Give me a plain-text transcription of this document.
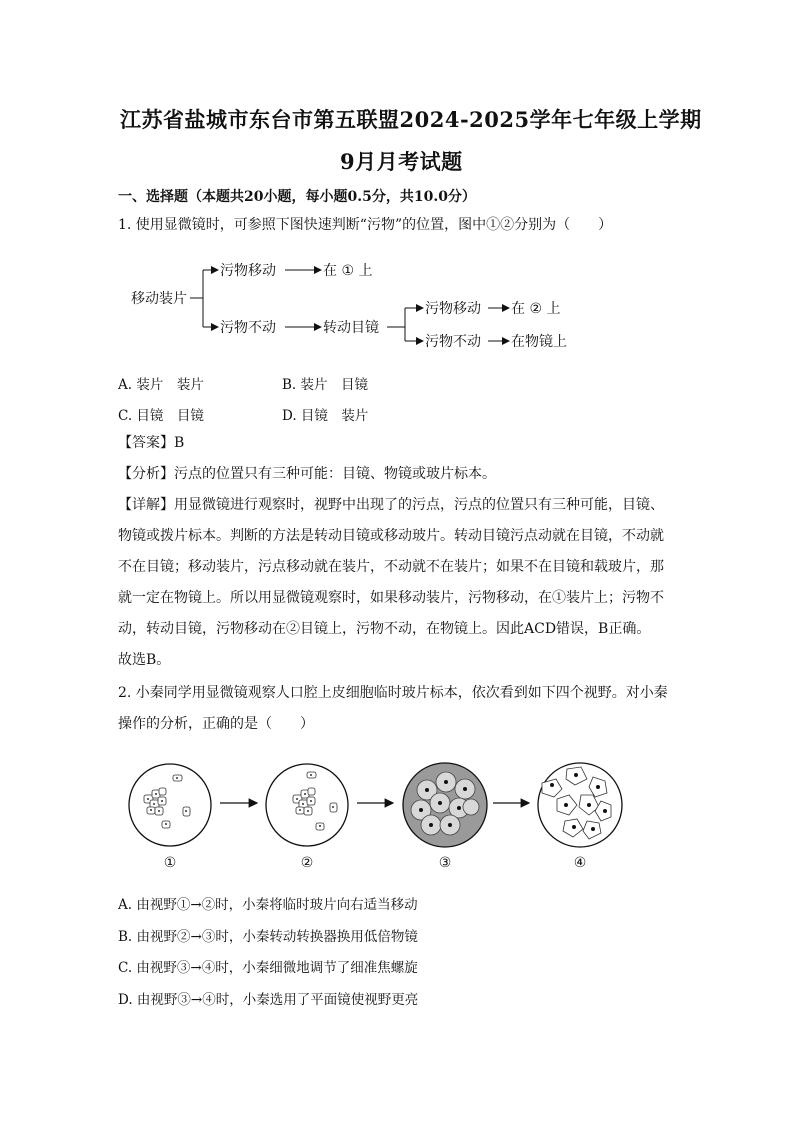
江苏省盐城市东台市第五联盟2024-2025学年七年级上学期
9月月考试题
一、选择题（本题共20小题，每小题0.5分，共10.0分）
1. 使用显微镜时，可参照下图快速判断“污物”的位置，图中①②分别为（　　）
移动装片
污物移动	在 ① 上
污物不动	转动目镜
污物移动 在 ② 上
污物不动 在物镜上
A. 装片　装片	B. 装片　目镜
C. 目镜　目镜	D. 目镜　装片

【答案】B

【分析】污点的位置只有三种可能：目镜、物镜或玻片标本。

【详解】用显微镜进行观察时，视野中出现了的污点，污点的位置只有三种可能，目镜、

物镜或拨片标本。判断的方法是转动目镜或移动玻片。转动目镜污点动就在目镜，不动就

不在目镜；移动装片，污点移动就在装片，不动就不在装片；如果不在目镜和载玻片，那

就一定在物镜上。所以用显微镜观察时，如果移动装片，污物移动，在①装片上；污物不

动，转动目镜，污物移动在②目镜上，污物不动，在物镜上。因此ACD错误，B正确。

故选B。

2. 小秦同学用显微镜观察人口腔上皮细胞临时玻片标本，依次看到如下四个视野。对小秦

操作的分析，正确的是（　　）

①	②	③	④
A. 由视野①→②时，小秦将临时玻片向右适当移动
B. 由视野②→③时，小秦转动转换器换用低倍物镜
C. 由视野③→④时，小秦细微地调节了细准焦螺旋
D. 由视野③→④时，小秦选用了平面镜使视野更亮
